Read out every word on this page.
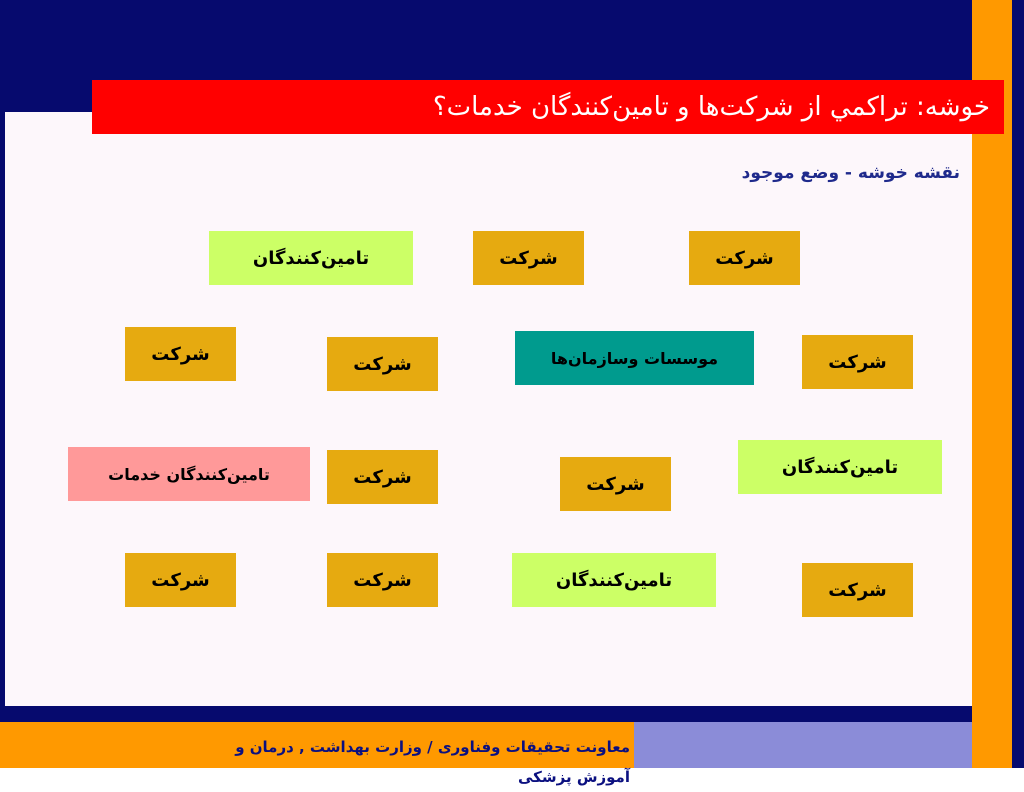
خوشه: تراکمي از شرکت‌ها و تامین‌کنندگان خدمات؟
نقشه خوشه - وضع موجود
تامین‌کنندگان	شرکت	شرکت
شرکت	شرکت	موسسات وسازمان‌ها	شرکت
تامین‌کنندگان خدمات	شرکت	شرکت
تامین‌کنندگان
شرکت	شرکت	تامین‌کنندگان	شرکت
معاونت تحقیقات وفناوری / وزارت بهداشت , درمان و آموزش پزشکی
